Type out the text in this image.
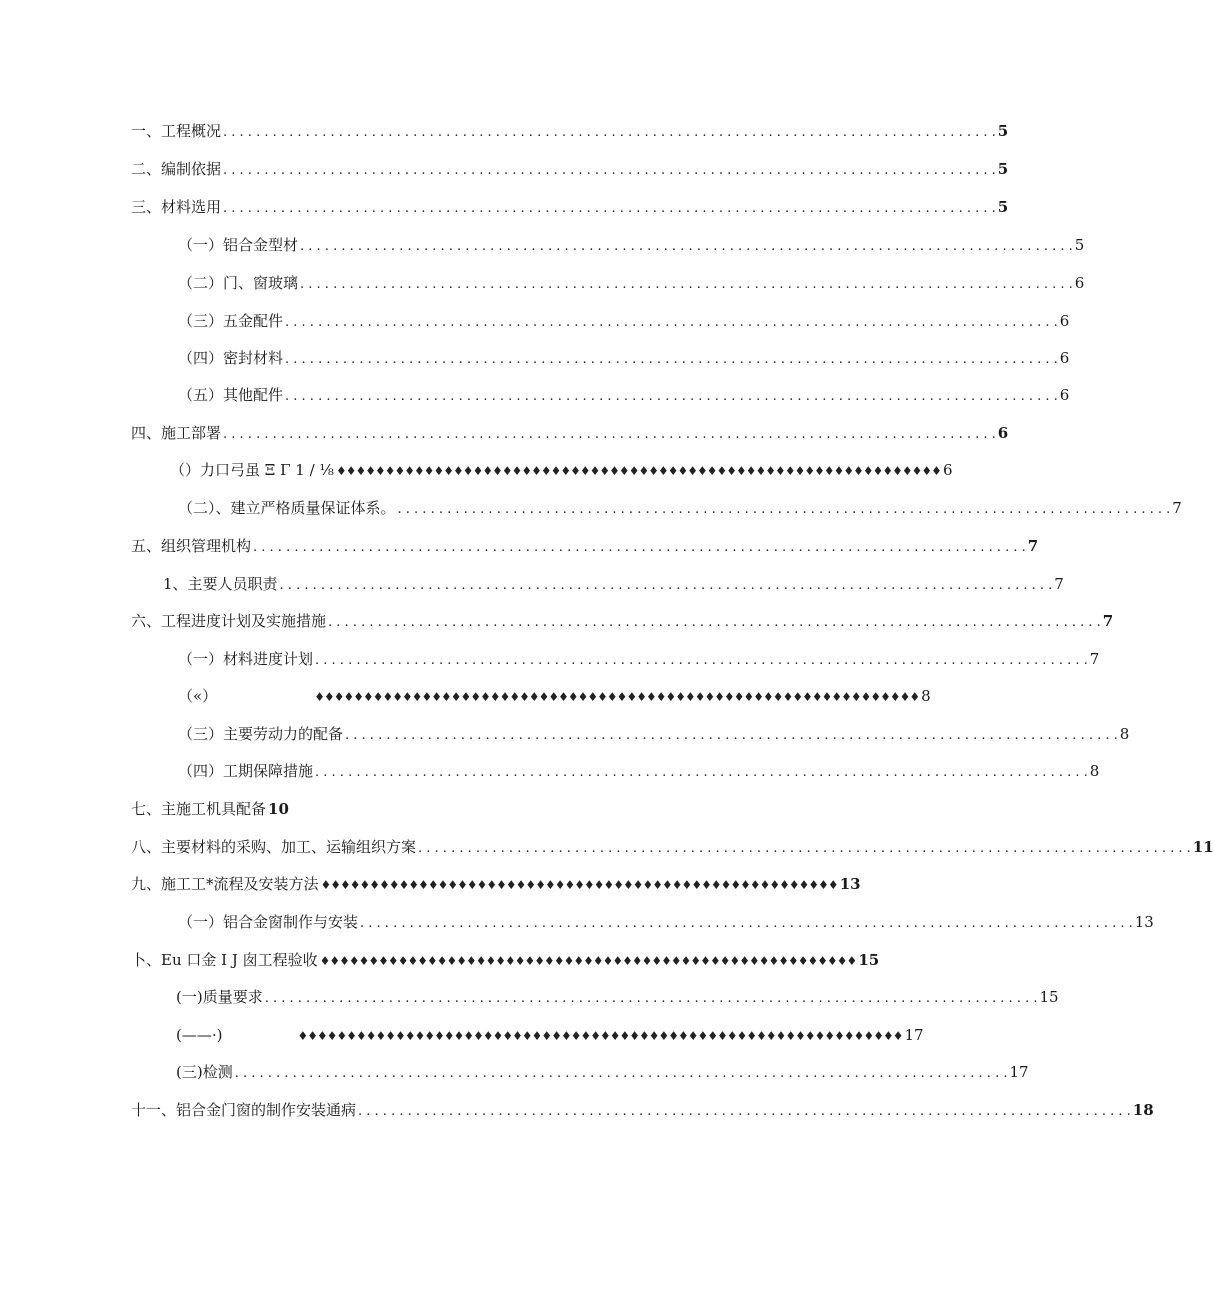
一、工程概况 . . .	5
二、编制依据 . . .	5
三、材料选用 . . .	5
（一）铝合金型材 . . .	5
（二）门、窗玻璃 . . .	6
（三）五金配件 . . .	6
（四）密封材料 . . .	6
（五）其他配件 . . .	6
四、施工部署 . . .	6
（）力口弓虽 Ξ Γ 1 / ⅛ ♦♦♦♦♦♦♦♦♦♦♦♦♦♦♦♦♦♦♦♦♦♦♦♦♦♦♦♦♦♦♦♦♦♦♦♦♦♦♦♦♦♦♦♦♦♦♦♦♦♦♦♦♦♦♦♦♦♦♦♦♦♦ 6
（二）、建立严格质量保证体系。 . . .	7
五、组织管理机构 . . .	7
1、主要人员职责 . . .	7
六、工程进度计划及实施措施 . . .	7
（一）材料进度计划 . . .	7
（«）	♦♦♦♦♦♦♦♦♦♦♦♦♦♦♦♦♦♦♦♦♦♦♦♦♦♦♦♦♦♦♦♦♦♦♦♦♦♦♦♦♦♦♦♦♦♦♦♦♦♦♦♦♦♦♦♦♦♦♦♦♦♦ 8
（三）主要劳动力的配备 . . .	8
（四）工期保障措施 . . .	8
七、主施工机具配备 10
八、主要材料的采购、加工、运输组织方案 . . .	11
九、施工工*流程及安装方法 ♦♦♦♦♦♦♦♦♦♦♦♦♦♦♦♦♦♦♦♦♦♦♦♦♦♦♦♦♦♦♦♦♦♦♦♦♦♦♦♦♦♦♦♦♦♦♦♦♦♦♦♦♦ 13
（一）铝合金窗制作与安装 . . .	13
卜、Eu 口金 I J 囱工程验收 ♦♦♦♦♦♦♦♦♦♦♦♦♦♦♦♦♦♦♦♦♦♦♦♦♦♦♦♦♦♦♦♦♦♦♦♦♦♦♦♦♦♦♦♦♦♦♦♦♦♦♦♦♦♦♦ 15
(一)质量要求 . . .	15
(——·)	♦♦♦♦♦♦♦♦♦♦♦♦♦♦♦♦♦♦♦♦♦♦♦♦♦♦♦♦♦♦♦♦♦♦♦♦♦♦♦♦♦♦♦♦♦♦♦♦♦♦♦♦♦♦♦♦♦♦♦♦♦♦ 17
(三)检测 . . .	17
十一、铝合金门窗的制作安装通病 . . .	18
